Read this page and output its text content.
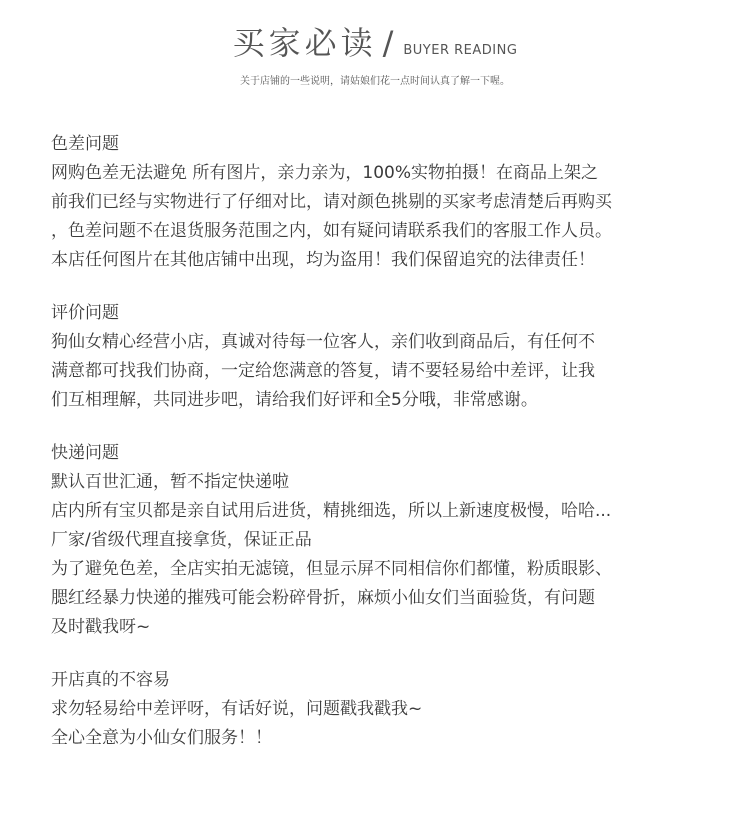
买家必读 / BUYER READING
关于店铺的一些说明，请姑娘们花一点时间认真了解一下喔。
色差问题
网购色差无法避免 所有图片，亲力亲为，100%实物拍摄！在商品上架之
前我们已经与实物进行了仔细对比，请对颜色挑剔的买家考虑清楚后再购买
，色差问题不在退货服务范围之内，如有疑问请联系我们的客服工作人员。
本店任何图片在其他店铺中出现，均为盗用！我们保留追究的法律责任！
评价问题
狗仙女精心经营小店，真诚对待每一位客人，亲们收到商品后，有任何不
满意都可找我们协商，一定给您满意的答复，请不要轻易给中差评，让我
们互相理解，共同进步吧，请给我们好评和全5分哦，非常感谢。
快递问题
默认百世汇通，暂不指定快递啦
店内所有宝贝都是亲自试用后进货，精挑细选，所以上新速度极慢，哈哈...
厂家/省级代理直接拿货，保证正品
为了避免色差，全店实拍无滤镜，但显示屏不同相信你们都懂，粉质眼影、
腮红经暴力快递的摧残可能会粉碎骨折，麻烦小仙女们当面验货，有问题
及时戳我呀~
开店真的不容易
求勿轻易给中差评呀，有话好说，问题戳我戳我~
全心全意为小仙女们服务！！
